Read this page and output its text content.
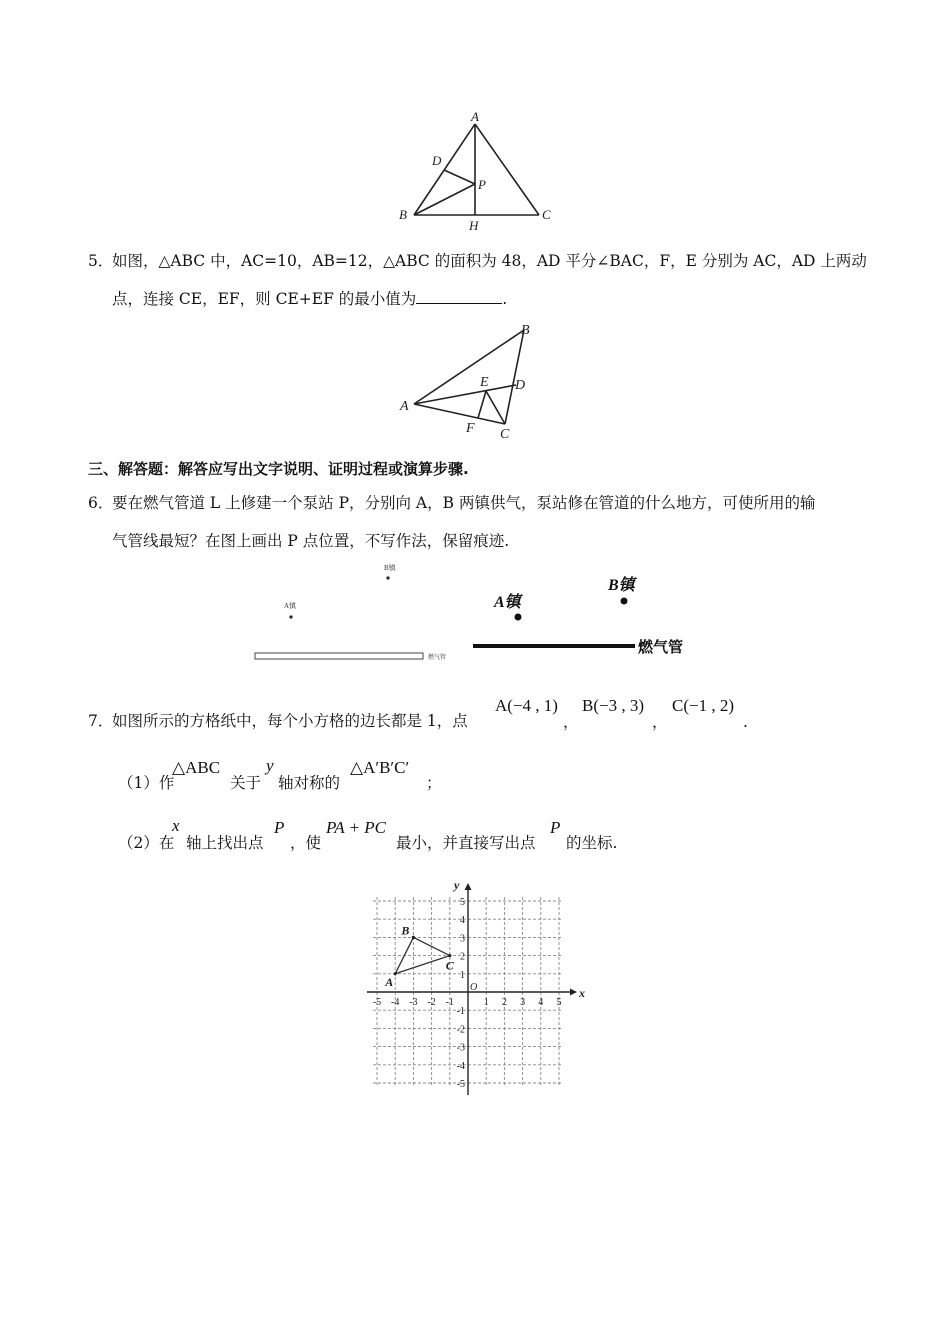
A
D
P
B	C
H
5．
如图，△ABC 中，AC=10，AB=12，△ABC 的面积为 48，AD 平分∠BAC，F，E 分别为 AC，AD 上两动
点，连接 CE，EF，则 CE+EF 的最小值为	.
B
E D
A
F C
三、解答题：解答应写出文字说明、证明过程或演算步骤.
6．
要在燃气管道 L 上修建一个泵站 P，分别向 A，B 两镇供气，泵站修在管道的什么地方，可使所用的输
气管线最短？在图上画出 P 点位置，不写作法，保留痕迹.
B镇
A镇
燃气管
B镇
A镇
燃气管
7．
如图所示的方格纸中，每个小方格的边长都是 1，点
A(−4 , 1)
，
B(−3 , 3)
，
C(−1 , 2)
.
（1）作
△ABC
关于
y
轴对称的
△A′B′C′
；
（2）在
x
轴上找出点
P
，使
PA + PC
最小，并直接写出点
P
的坐标.
x
y
O
-5 -4 -3 -2 -1	1 2 3 4 5
5
4
3
2
1
-1
-2
-3
-4
-5
A
B
C
